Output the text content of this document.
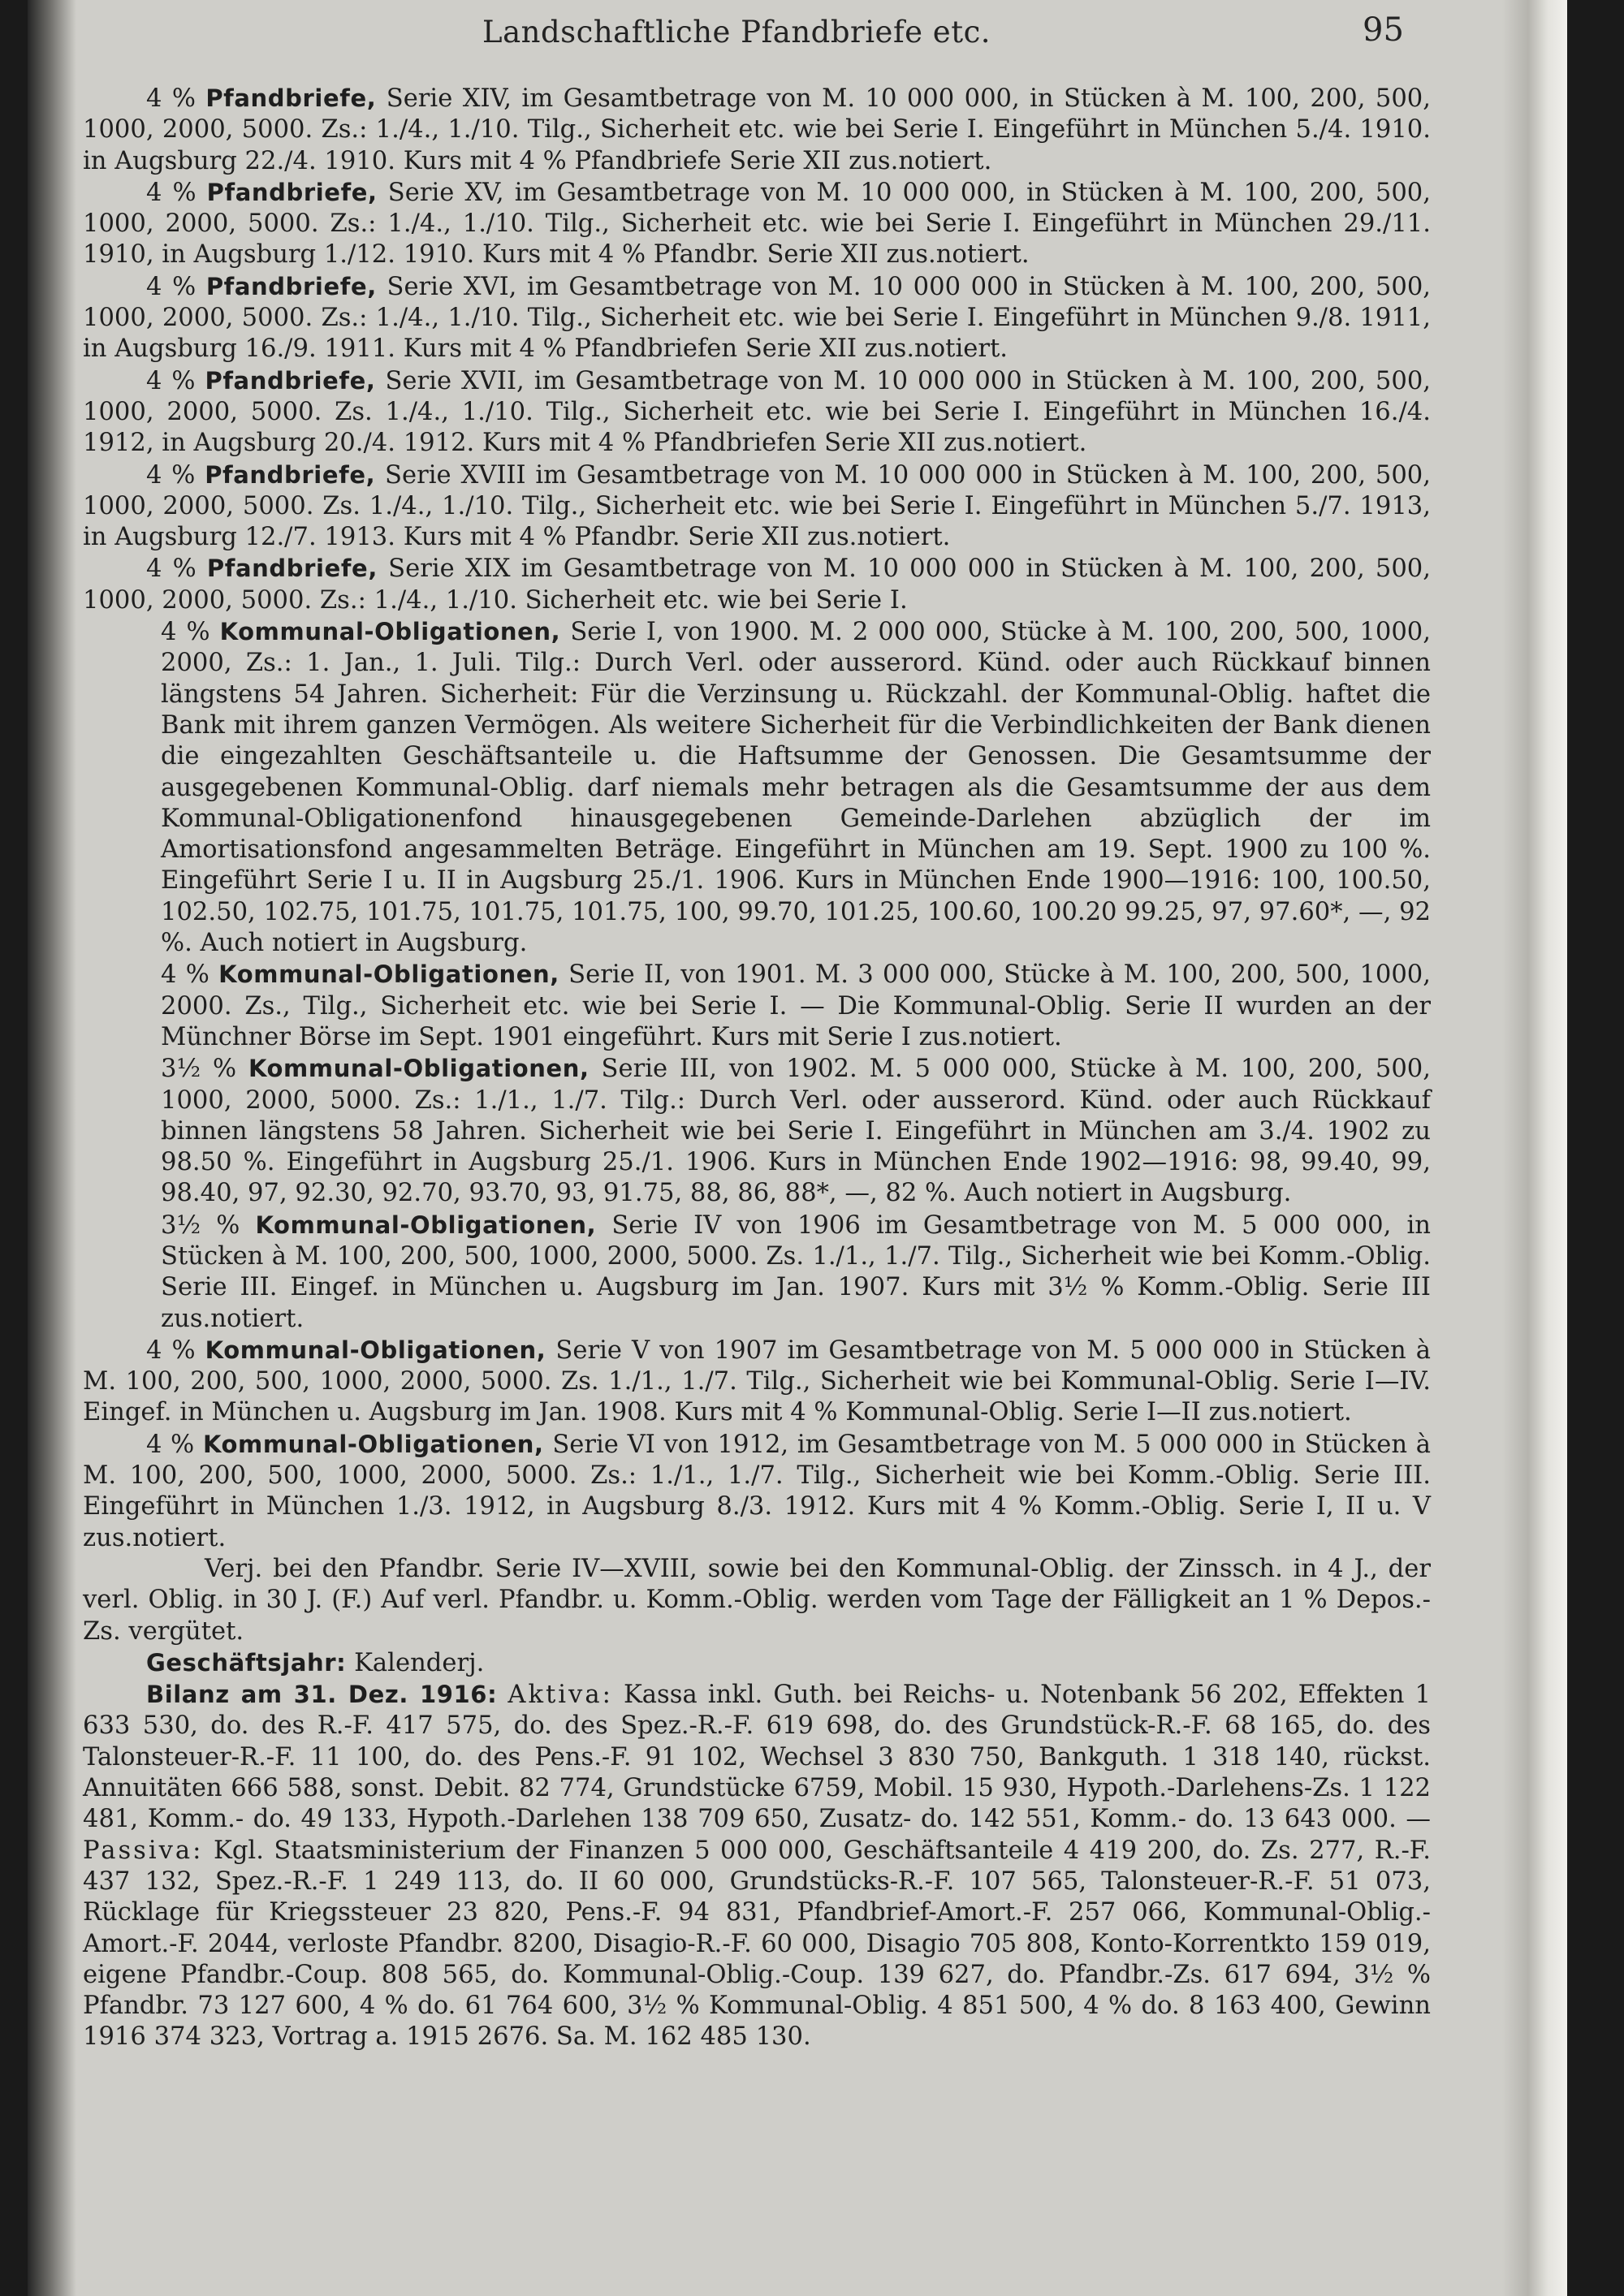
Landschaftliche Pfandbriefe etc.	95

4 % Pfandbriefe, Serie XIV, im Gesamtbetrage von M. 10 000 000, in Stücken à M. 100, 200, 500, 1000, 2000, 5000. Zs.: 1./4., 1./10. Tilg., Sicherheit etc. wie bei Serie I. Eingeführt in München 5./4. 1910. in Augsburg 22./4. 1910. Kurs mit 4 % Pfandbriefe Serie XII zus.notiert.

4 % Pfandbriefe, Serie XV, im Gesamtbetrage von M. 10 000 000, in Stücken à M. 100, 200, 500, 1000, 2000, 5000. Zs.: 1./4., 1./10. Tilg., Sicherheit etc. wie bei Serie I. Eingeführt in München 29./11. 1910, in Augsburg 1./12. 1910. Kurs mit 4 % Pfandbr. Serie XII zus.notiert.

4 % Pfandbriefe, Serie XVI, im Gesamtbetrage von M. 10 000 000 in Stücken à M. 100, 200, 500, 1000, 2000, 5000. Zs.: 1./4., 1./10. Tilg., Sicherheit etc. wie bei Serie I. Eingeführt in München 9./8. 1911, in Augsburg 16./9. 1911. Kurs mit 4 % Pfandbriefen Serie XII zus.notiert.

4 % Pfandbriefe, Serie XVII, im Gesamtbetrage von M. 10 000 000 in Stücken à M. 100, 200, 500, 1000, 2000, 5000. Zs. 1./4., 1./10. Tilg., Sicherheit etc. wie bei Serie I. Eingeführt in München 16./4. 1912, in Augsburg 20./4. 1912. Kurs mit 4 % Pfandbriefen Serie XII zus.notiert.

4 % Pfandbriefe, Serie XVIII im Gesamtbetrage von M. 10 000 000 in Stücken à M. 100, 200, 500, 1000, 2000, 5000. Zs. 1./4., 1./10. Tilg., Sicherheit etc. wie bei Serie I. Eingeführt in München 5./7. 1913, in Augsburg 12./7. 1913. Kurs mit 4 % Pfandbr. Serie XII zus.notiert.

4 % Pfandbriefe, Serie XIX im Gesamtbetrage von M. 10 000 000 in Stücken à M. 100, 200, 500, 1000, 2000, 5000. Zs.: 1./4., 1./10. Sicherheit etc. wie bei Serie I.

4 % Kommunal-Obligationen, Serie I, von 1900. M. 2 000 000, Stücke à M. 100, 200, 500, 1000, 2000, Zs.: 1. Jan., 1. Juli. Tilg.: Durch Verl. oder ausserord. Künd. oder auch Rückkauf binnen längstens 54 Jahren. Sicherheit: Für die Verzinsung u. Rückzahl. der Kommunal-Oblig. haftet die Bank mit ihrem ganzen Vermögen. Als weitere Sicherheit für die Verbindlichkeiten der Bank dienen die eingezahlten Geschäftsanteile u. die Haftsumme der Genossen. Die Gesamtsumme der ausgegebenen Kommunal-Oblig. darf niemals mehr betragen als die Gesamtsumme der aus dem Kommunal-Obligationenfond hinausgegebenen Gemeinde-Darlehen abzüglich der im Amortisationsfond angesammelten Beträge. Eingeführt in München am 19. Sept. 1900 zu 100 %. Eingeführt Serie I u. II in Augsburg 25./1. 1906. Kurs in München Ende 1900—1916: 100, 100.50, 102.50, 102.75, 101.75, 101.75, 101.75, 100, 99.70, 101.25, 100.60, 100.20 99.25, 97, 97.60*, —, 92 %. Auch notiert in Augsburg.

4 % Kommunal-Obligationen, Serie II, von 1901. M. 3 000 000, Stücke à M. 100, 200, 500, 1000, 2000. Zs., Tilg., Sicherheit etc. wie bei Serie I. — Die Kommunal-Oblig. Serie II wurden an der Münchner Börse im Sept. 1901 eingeführt. Kurs mit Serie I zus.notiert.

3½ % Kommunal-Obligationen, Serie III, von 1902. M. 5 000 000, Stücke à M. 100, 200, 500, 1000, 2000, 5000. Zs.: 1./1., 1./7. Tilg.: Durch Verl. oder ausserord. Künd. oder auch Rückkauf binnen längstens 58 Jahren. Sicherheit wie bei Serie I. Eingeführt in München am 3./4. 1902 zu 98.50 %. Eingeführt in Augsburg 25./1. 1906. Kurs in München Ende 1902—1916: 98, 99.40, 99, 98.40, 97, 92.30, 92.70, 93.70, 93, 91.75, 88, 86, 88*, —, 82 %. Auch notiert in Augsburg.

3½ % Kommunal-Obligationen, Serie IV von 1906 im Gesamtbetrage von M. 5 000 000, in Stücken à M. 100, 200, 500, 1000, 2000, 5000. Zs. 1./1., 1./7. Tilg., Sicherheit wie bei Komm.-Oblig. Serie III. Eingef. in München u. Augsburg im Jan. 1907. Kurs mit 3½ % Komm.-Oblig. Serie III zus.notiert.

4 % Kommunal-Obligationen, Serie V von 1907 im Gesamtbetrage von M. 5 000 000 in Stücken à M. 100, 200, 500, 1000, 2000, 5000. Zs. 1./1., 1./7. Tilg., Sicherheit wie bei Kommunal-Oblig. Serie I—IV. Eingef. in München u. Augsburg im Jan. 1908. Kurs mit 4 % Kommunal-Oblig. Serie I—II zus.notiert.

4 % Kommunal-Obligationen, Serie VI von 1912, im Gesamtbetrage von M. 5 000 000 in Stücken à M. 100, 200, 500, 1000, 2000, 5000. Zs.: 1./1., 1./7. Tilg., Sicherheit wie bei Komm.-Oblig. Serie III. Eingeführt in München 1./3. 1912, in Augsburg 8./3. 1912. Kurs mit 4 % Komm.-Oblig. Serie I, II u. V zus.notiert.

Verj. bei den Pfandbr. Serie IV—XVIII, sowie bei den Kommunal-Oblig. der Zinssch. in 4 J., der verl. Oblig. in 30 J. (F.) Auf verl. Pfandbr. u. Komm.-Oblig. werden vom Tage der Fälligkeit an 1 % Depos.-Zs. vergütet.

Geschäftsjahr: Kalenderj.

Bilanz am 31. Dez. 1916: Aktiva: Kassa inkl. Guth. bei Reichs- u. Notenbank 56 202, Effekten 1 633 530, do. des R.-F. 417 575, do. des Spez.-R.-F. 619 698, do. des Grundstück-R.-F. 68 165, do. des Talonsteuer-R.-F. 11 100, do. des Pens.-F. 91 102, Wechsel 3 830 750, Bankguth. 1 318 140, rückst. Annuitäten 666 588, sonst. Debit. 82 774, Grundstücke 6759, Mobil. 15 930, Hypoth.-Darlehens-Zs. 1 122 481, Komm.- do. 49 133, Hypoth.-Darlehen 138 709 650, Zusatz- do. 142 551, Komm.- do. 13 643 000. — Passiva: Kgl. Staatsministerium der Finanzen 5 000 000, Geschäftsanteile 4 419 200, do. Zs. 277, R.-F. 437 132, Spez.-R.-F. 1 249 113, do. II 60 000, Grundstücks-R.-F. 107 565, Talonsteuer-R.-F. 51 073, Rücklage für Kriegssteuer 23 820, Pens.-F. 94 831, Pfandbrief-Amort.-F. 257 066, Kommunal-Oblig.-Amort.-F. 2044, verloste Pfandbr. 8200, Disagio-R.-F. 60 000, Disagio 705 808, Konto-Korrentkto 159 019, eigene Pfandbr.-Coup. 808 565, do. Kommunal-Oblig.-Coup. 139 627, do. Pfandbr.-Zs. 617 694, 3½ % Pfandbr. 73 127 600, 4 % do. 61 764 600, 3½ % Kommunal-Oblig. 4 851 500, 4 % do. 8 163 400, Gewinn 1916 374 323, Vortrag a. 1915 2676. Sa. M. 162 485 130.
